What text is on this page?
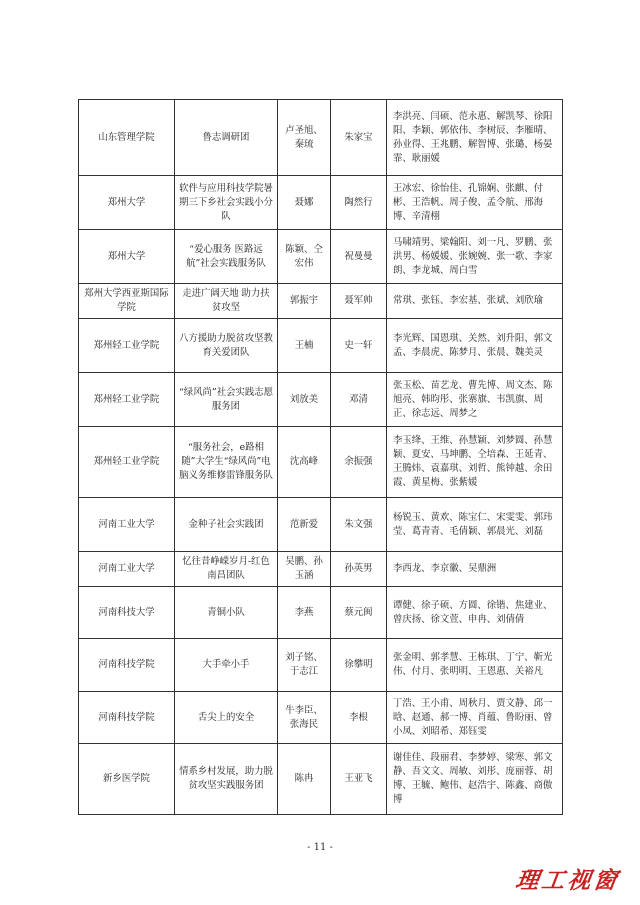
山东管理学院	鲁志调研团	卢圣旭、秦琉	朱家宝	李洪亮、闫硕、范永惠、解凯琴、徐阳阳、李颖、郭依伟、李树辰、李雁晴、孙业得、王兆鹏、解智博、张璐、杨晏霏、耿丽媛
郑州大学	软件与应用科技学院暑期三下乡社会实践小分队	聂娜	陶然行	王冰宏、徐怡佳、孔锦娴、张麒、付彬、王浩帆、周子俊、孟令航、邢海博、辛清栩
郑州大学	“爱心服务 医路远航”社会实践服务队	陈颖、仝宏伟	祝曼曼	马啸靖男、梁翰阳、刘一凡、罗鹏、张洪男、杨媛媛、张婉婉、张一歌、李家朗、李龙城、周白雪
郑州大学西亚斯国际学院	走进广阔天地 助力扶贫攻坚	郭振宇	聂军帅	常琪、张钰、李宏基、张斌、刘欣瑜
郑州轻工业学院	八方援助力脱贫攻坚教育关爱团队	王楠	史一轩	李光辉、国恩琪、关然、刘升阳、郭文孟、李晨虎、陈梦月、张晨、魏美灵
郑州轻工业学院	“绿风尚”社会实践志愿服务团	刘放美	邓清	张玉松、苗艺龙、曹先博、周文杰、陈旭亮、韩昀彤、张寨旗、韦凯旗、周正、徐志远、周梦之
郑州轻工业学院	“服务社会，e路相随”大学生“绿风尚”电脑义务维修雷锋服务队	沈高峰	余振强	李玉绛、王维、孙慧颖、刘梦圆、孙慧颖、夏安、马坤鹏、仝培森、王延青、王腾炜、袁嘉琪、刘哲、熊钟越、余田霞、黄星梅、张紫媛
河南工业大学	金种子社会实践团	范新爱	朱文强	杨锐玉、黄欢、陈宝仁、宋雯雯、郭玮莹、葛青青、毛倩颖、郭晨光、刘磊
河南工业大学	忆往昔峥嵘岁月-红色南昌团队	吴鹏、孙玉涵	孙英男	李西龙、李京徽、吴鼎洲
河南科技大学	青铜小队	李燕	蔡元闽	谭健、徐子硕、方圆、徐锴、焦建业、曾庆扬、徐文萱、申冉、刘倩倩
河南科技学院	大手牵小手	刘子铭、于志江	徐攀明	张金明、郭孝慧、王栋琪、丁宁、靳光伟、付月、张明明、王恩惠、关裕凡
河南科技学院	舌尖上的安全	牛李臣、张海民	李根	丁浩、王小甫、周秋月、贾文静、邱一晗、赵通、郝一博、肖蕴、鲁盼丽、曾小凤、刘昭希、郑钰雯
新乡医学院	情系乡村发展，助力脱贫攻坚实践服务团	陈冉	王亚飞	谢佳佳、段丽君、李梦婷、梁寒、郭文静、吾文文、周敏、刘彤、庞丽蓉、胡博、王毓、鲍伟、赵浩宇、陈鑫、商傲博
- 11 -
理工视窗
